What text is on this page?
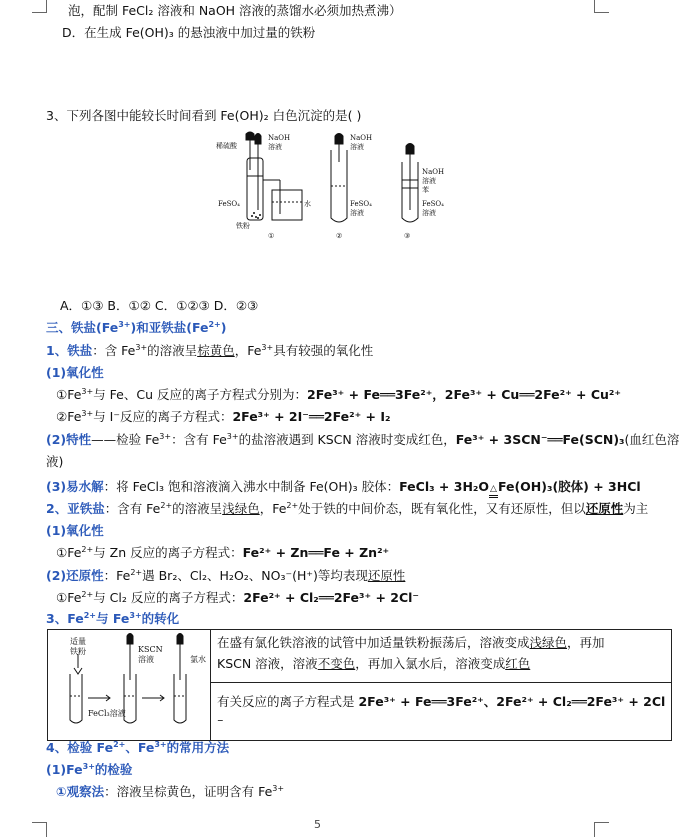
泡，配制 FeCl₂ 溶液和 NaOH 溶液的蒸馏水必须加热煮沸）
D．在生成 Fe(OH)₃ 的悬浊液中加过量的铁粉
3、下列各图中能较长时间看到 Fe(OH)₂ 白色沉淀的是( )
稀硫酸
NaOH
溶液
FeSO₄	水
铁粉
①
NaOH
溶液
FeSO₄
溶液
②
NaOH
溶液
苯
FeSO₄
溶液
③
A．①③ B．①② C．①②③ D．②③
三、铁盐$(Fe^{3+})$和亚铁盐$(Fe^{2+})$
1、铁盐：含 $Fe^{3+}$的溶液呈棕黄色，$Fe^{3+}$具有较强的氧化性
(1)氧化性
$①Fe^{3+}$与 Fe、Cu 反应的离子方程式分别为：2Fe³⁺ + Fe══3Fe²⁺，2Fe³⁺ + Cu══2Fe²⁺ + Cu²⁺
$②Fe^{3+}$与 I⁻反应的离子方程式：2Fe³⁺ + 2I⁻══2Fe²⁺ + I₂
(2)特性——检验 $Fe^{3+}$：含有 $Fe^{3+}$的盐溶液遇到 KSCN 溶液时变成红色，Fe³⁺ + 3SCN⁻══Fe(SCN)₃(血红色溶
液)
(3)易水解：将 FeCl₃ 饱和溶液滴入沸水中制备 Fe(OH)₃ 胶体：FeCl₃ + 3H₂O△Fe(OH)₃(胶体) + 3HCl
2、亚铁盐：含有 $Fe^{2+}$的溶液呈浅绿色，$Fe^{2+}$处于铁的中间价态，既有氧化性，又有还原性，但以还原性为主
(1)氧化性
$①Fe^{2+}$与 Zn 反应的离子方程式：Fe²⁺ + Zn══Fe + Zn²⁺
(2)还原性：$Fe^{2+}$遇 Br₂、Cl₂、H₂O₂、NO₃⁻(H⁺)等均表现还原性
$①Fe^{2+}$与 Cl₂ 反应的离子方程式：2Fe²⁺ + Cl₂══2Fe³⁺ + 2Cl⁻
3、$Fe^{2+}$与 $Fe^{3+}$的转化
适量
铁粉	KSCN
溶液	氯水
FeCl₃溶液

在盛有氯化铁溶液的试管中加适量铁粉振荡后，溶液变成浅绿色，再加
KSCN 溶液，溶液不变色，再加入氯水后，溶液变成红色

有关反应的离子方程式是 2Fe³⁺ + Fe══3Fe²⁺、2Fe²⁺ + Cl₂══2Fe³⁺ + 2Cl
⁻
4、检验 $Fe^{2+}$、$Fe^{3+}$的常用方法
$(1)Fe^{3+}$的检验
①观察法：溶液呈棕黄色，证明含有 $Fe^{3+}$
5
